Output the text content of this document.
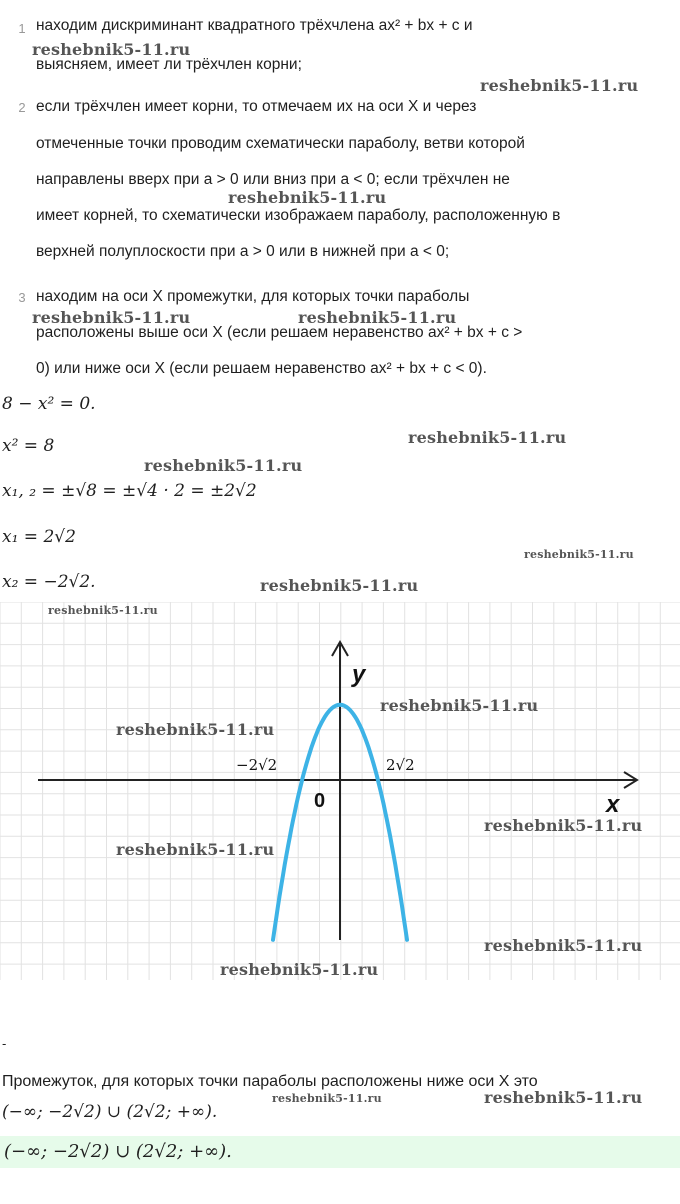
1
2
3
находим дискриминант квадратного трёхчлена ax² + bx + c и
выясняем, имеет ли трёхчлен корни;
если трёхчлен имеет корни, то отмечаем их на оси X и через
отмеченные точки проводим схематически параболу, ветви которой
направлены вверх при a > 0 или вниз при a < 0; если трёхчлен не
имеет корней, то схематически изображаем параболу, расположенную в
верхней полуплоскости при a > 0 или в нижней при a < 0;
находим на оси X промежутки, для которых точки параболы
расположены выше оси X (если решаем неравенство ax² + bx + c >
0) или ниже оси X (если решаем неравенство ax² + bx + c < 0).
8 − x² = 0.
x² = 8
x₁, ₂ = ±√8 = ±√4 · 2 = ±2√2
x₁ = 2√2
x₂ = −2√2.
y
x
0
−2√2	2√2
-
Промежуток, для которых точки параболы расположены ниже оси X это
(−∞; −2√2) ∪ (2√2; +∞).
(−∞; −2√2) ∪ (2√2; +∞).
reshebnik5-11.ru
reshebnik5-11.ru
reshebnik5-11.ru
reshebnik5-11.ru	reshebnik5-11.ru
reshebnik5-11.ru
reshebnik5-11.ru
reshebnik5-11.ru
reshebnik5-11.ru
reshebnik5-11.ru
reshebnik5-11.ru
reshebnik5-11.ru
reshebnik5-11.ru
reshebnik5-11.ru
reshebnik5-11.ru
reshebnik5-11.ru
reshebnik5-11.ru	reshebnik5-11.ru
